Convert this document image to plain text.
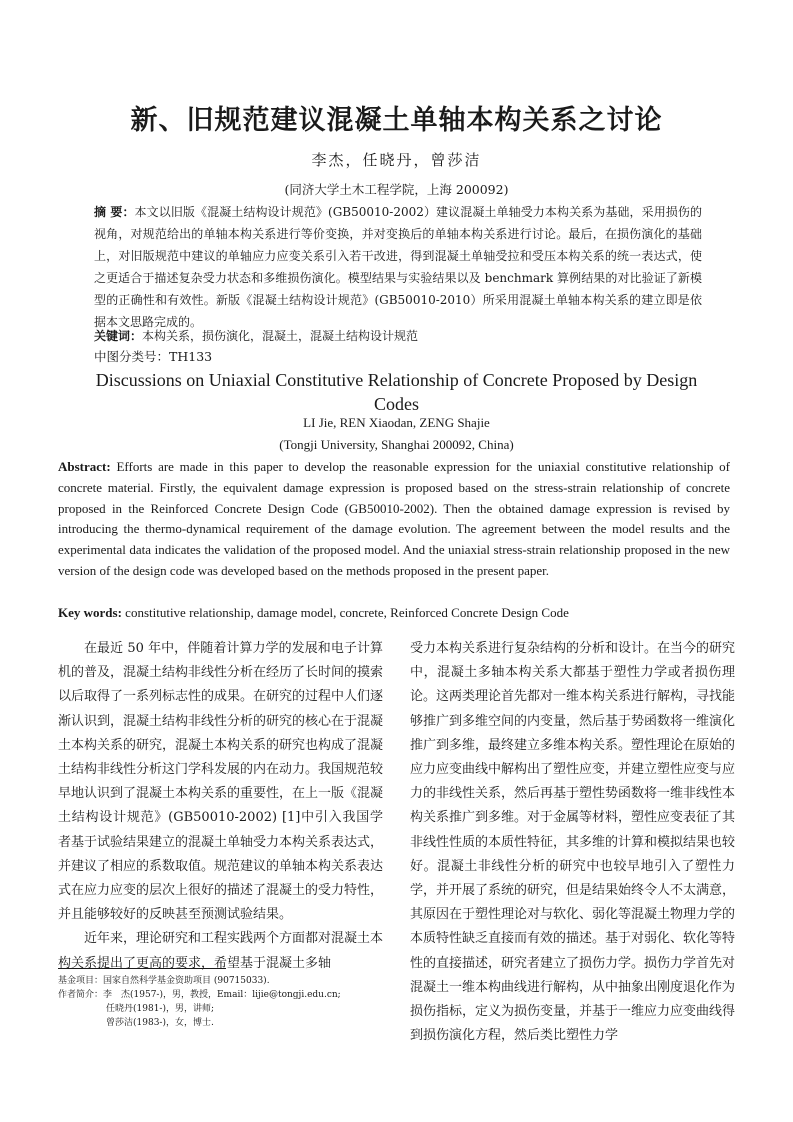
新、旧规范建议混凝土单轴本构关系之讨论
李杰，任晓丹，曾莎洁
(同济大学土木工程学院，上海 200092)
摘 要：本文以旧版《混凝土结构设计规范》(GB50010-2002）建议混凝土单轴受力本构关系为基础，采用损伤的视角，对规范给出的单轴本构关系进行等价变换，并对变换后的单轴本构关系进行讨论。最后，在损伤演化的基础上，对旧版规范中建议的单轴应力应变关系引入若干改进，得到混凝土单轴受拉和受压本构关系的统一表达式，使之更适合于描述复杂受力状态和多维损伤演化。模型结果与实验结果以及 benchmark 算例结果的对比验证了新模型的正确性和有效性。新版《混凝土结构设计规范》(GB50010-2010）所采用混凝土单轴本构关系的建立即是依据本文思路完成的。
关键词：本构关系，损伤演化，混凝土，混凝土结构设计规范
中图分类号：TH133
Discussions on Uniaxial Constitutive Relationship of Concrete Proposed by Design Codes
LI Jie, REN Xiaodan, ZENG Shajie
(Tongji University, Shanghai 200092, China)
Abstract: Efforts are made in this paper to develop the reasonable expression for the uniaxial constitutive relationship of concrete material. Firstly, the equivalent damage expression is proposed based on the stress-strain relationship of concrete proposed in the Reinforced Concrete Design Code (GB50010-2002). Then the obtained damage expression is revised by introducing the thermo-dynamical requirement of the damage evolution. The agreement between the model results and the experimental data indicates the validation of the proposed model. And the uniaxial stress-strain relationship proposed in the new version of the design code was developed based on the methods proposed in the present paper.
Key words: constitutive relationship, damage model, concrete, Reinforced Concrete Design Code

在最近 50 年中，伴随着计算力学的发展和电子计算机的普及，混凝土结构非线性分析在经历了长时间的摸索以后取得了一系列标志性的成果。在研究的过程中人们逐渐认识到，混凝土结构非线性分析的研究的核心在于混凝土本构关系的研究，混凝土本构关系的研究也构成了混凝土结构非线性分析这门学科发展的内在动力。我国规范较早地认识到了混凝土本构关系的重要性，在上一版《混凝土结构设计规范》(GB50010-2002) [1]中引入我国学者基于试验结果建立的混凝土单轴受力本构关系表达式，并建议了相应的系数取值。规范建议的单轴本构关系表达式在应力应变的层次上很好的描述了混凝土的受力特性，并且能够较好的反映甚至预测试验结果。

近年来，理论研究和工程实践两个方面都对混凝土本构关系提出了更高的要求，希望基于混凝土多轴

受力本构关系进行复杂结构的分析和设计。在当今的研究中，混凝土多轴本构关系大都基于塑性力学或者损伤理论。这两类理论首先都对一维本构关系进行解构，寻找能够推广到多维空间的内变量，然后基于势函数将一维演化推广到多维，最终建立多维本构关系。塑性理论在原始的应力应变曲线中解构出了塑性应变，并建立塑性应变与应力的非线性关系，然后再基于塑性势函数将一维非线性本构关系推广到多维。对于金属等材料，塑性应变表征了其非线性性质的本质性特征，其多维的计算和模拟结果也较好。混凝土非线性分析的研究中也较早地引入了塑性力学，并开展了系统的研究，但是结果始终令人不太满意，其原因在于塑性理论对与软化、弱化等混凝土物理力学的本质特性缺乏直接而有效的描述。基于对弱化、软化等特性的直接描述，研究者建立了损伤力学。损伤力学首先对混凝土一维本构曲线进行解构，从中抽象出刚度退化作为损伤指标，定义为损伤变量，并基于一维应力应变曲线得到损伤演化方程，然后类比塑性力学

基金项目：国家自然科学基金资助项目 (90715033).
作者简介：李　杰(1957-)，男，教授，Email：lijie@tongji.edu.cn;
任晓丹(1981-)，男，讲师;
曾莎洁(1983-)，女，博士.
